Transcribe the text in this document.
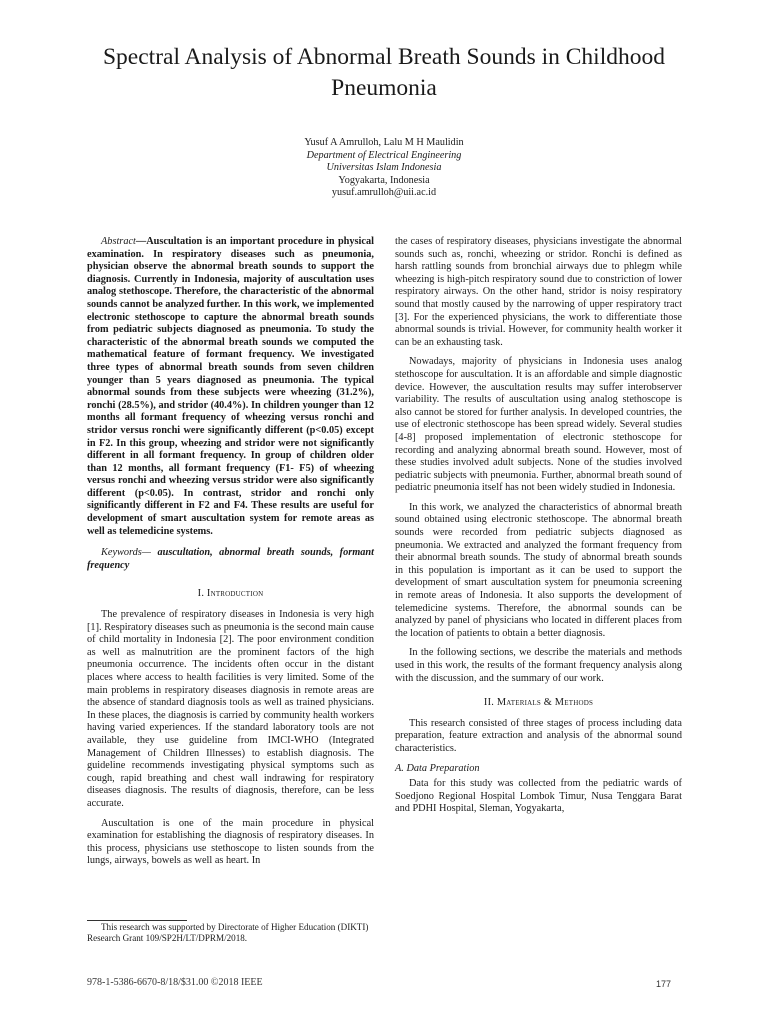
Spectral Analysis of Abnormal Breath Sounds in Childhood Pneumonia
Yusuf A Amrulloh, Lalu M H Maulidin
Department of Electrical Engineering
Universitas Islam Indonesia
Yogyakarta, Indonesia
yusuf.amrulloh@uii.ac.id

Abstract—Auscultation is an important procedure in physical examination. In respiratory diseases such as pneumonia, physician observe the abnormal breath sounds to support the diagnosis. Currently in Indonesia, majority of auscultation uses analog stethoscope. Therefore, the characteristic of the abnormal sounds cannot be analyzed further. In this work, we implemented electronic stethoscope to capture the abnormal breath sounds from pediatric subjects diagnosed as pneumonia. To study the characteristic of the abnormal breath sounds we computed the mathematical feature of formant frequency. We investigated three types of abnormal breath sounds from seven children younger than 5 years diagnosed as pneumonia. The typical abnormal sounds from these subjects were wheezing (31.2%), ronchi (28.5%), and stridor (40.4%). In children younger than 12 months all formant frequency of wheezing versus ronchi and stridor versus ronchi were significantly different (p<0.05) except in F2. In this group, wheezing and stridor were not significantly different in all formant frequency. In group of children older than 12 months, all formant frequency (F1- F5) of wheezing versus ronchi and wheezing versus stridor were also significantly different (p<0.05). In contrast, stridor and ronchi only significantly different in F2 and F4. These results are useful for development of smart auscultation system for remote areas as well as telemedicine systems.

Keywords— auscultation, abnormal breath sounds, formant frequency

I. Introduction

The prevalence of respiratory diseases in Indonesia is very high [1]. Respiratory diseases such as pneumonia is the second main cause of child mortality in Indonesia [2]. The poor environment condition as well as malnutrition are the prominent factors of the high pneumonia occurrence. The incidents often occur in the distant places where access to health facilities is very limited. Some of the main problems in respiratory diseases diagnosis in remote areas are the absence of standard diagnosis tools as well as trained physicians. In these places, the diagnosis is carried by community health workers having varied experiences. If the standard laboratory tools are not available, they use guideline from IMCI-WHO (Integrated Management of Children Illnesses) to establish diagnosis. The guideline recommends investigating physical symptoms such as cough, rapid breathing and chest wall indrawing for respiratory diseases diagnosis. The results of diagnosis, therefore, can be less accurate.

Auscultation is one of the main procedure in physical examination for establishing the diagnosis of respiratory diseases. In this process, physicians use stethoscope to listen sounds from the lungs, airways, bowels as well as heart. In

the cases of respiratory diseases, physicians investigate the abnormal sounds such as, ronchi, wheezing or stridor. Ronchi is defined as harsh rattling sounds from bronchial airways due to phlegm while wheezing is high-pitch respiratory sound due to constriction of lower respiratory airways. On the other hand, stridor is noisy respiratory sound that mostly caused by the narrowing of upper respiratory tract [3]. For the experienced physicians, the work to differentiate those abnormal sounds is trivial. However, for community health worker it can be an exhausting task.

Nowadays, majority of physicians in Indonesia uses analog stethoscope for auscultation. It is an affordable and simple diagnostic device. However, the auscultation results may suffer interobserver variability. The results of auscultation using analog stethoscope is also cannot be stored for further analysis. In developed countries, the use of electronic stethoscope has been spread widely. Several studies [4-8] proposed implementation of electronic stethoscope for recording and analyzing abnormal breath sound. However, most of these studies involved adult subjects. None of the studies involved pediatric subjects with pneumonia. Further, abnormal breath sound of pediatric pneumonia itself has not been widely studied in Indonesia.

In this work, we analyzed the characteristics of abnormal breath sound obtained using electronic stethoscope. The abnormal breath sounds were recorded from pediatric subjects diagnosed as pneumonia. We extracted and analyzed the formant frequency from their abnormal breath sounds. The study of abnormal breath sounds in this population is important as it can be used to support the development of smart auscultation system for pneumonia screening in remote areas of Indonesia. It also supports the development of telemedicine systems. Therefore, the abnormal sounds can be analyzed by panel of physicians who located in different places from the location of patients to obtain a better diagnosis.

In the following sections, we describe the materials and methods used in this work, the results of the formant frequency analysis along with the discussion, and the summary of our work.

II. Materials & Methods

This research consisted of three stages of process including data preparation, feature extraction and analysis of the abnormal sound characteristics.

A. Data Preparation

Data for this study was collected from the pediatric wards of Soedjono Regional Hospital Lombok Timur, Nusa Tenggara Barat and PDHI Hospital, Sleman, Yogyakarta,

This research was supported by Directorate of Higher Education (DIKTI) Research Grant 109/SP2H/LT/DPRM/2018.
978-1-5386-6670-8/18/$31.00 ©2018 IEEE	177
